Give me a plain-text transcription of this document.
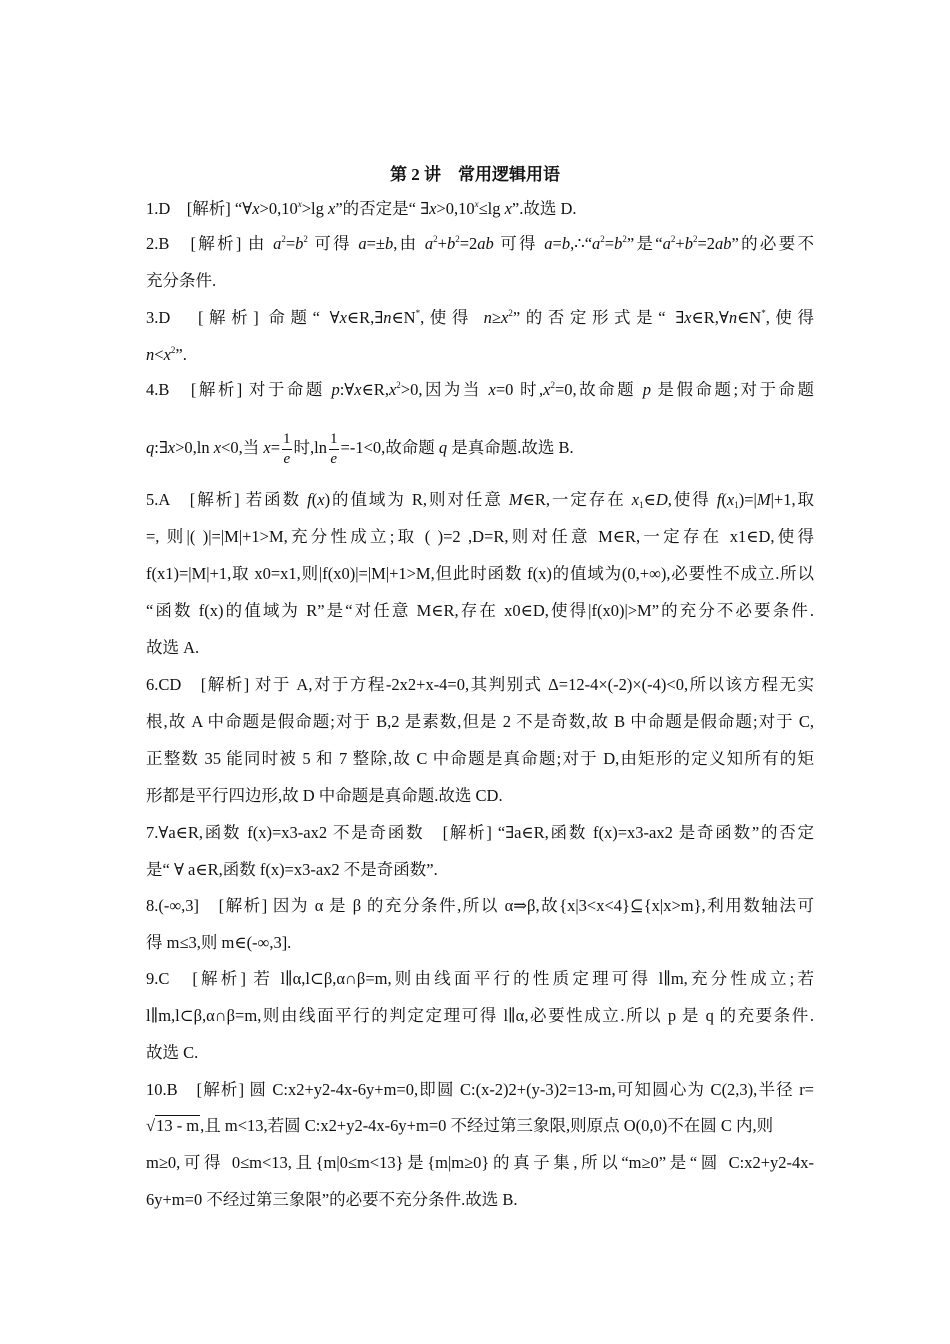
第 2 讲　常用逻辑用语
1.D　 [解析] “$\forall x>0,10^x>\lg$ x”的否定是“ $\exists x>0,10^x\le\lg$ x”.故选 D.
2.B　 [解析] 由 $a^2=b^2$ 可得 a=±b,由 $a^2+b^2=2ab$ 可得 $a=b,\therefore“a^2=b^2$”是“$a^2+b^2=2ab$”的必要不
充分条件.
3.D　 [解析] 命题“ ∀x∈R,∃n∈N*,使得 $n\ge x^2$”的否定形式是“ ∃x∈R,∀n∈N*,使得
$n<x^2$”.
4.B　 [解析] 对于命题 $p:\forall x\in R,x^2>0$,因为当 x=0 时$,x^2=0$,故命题 p 是假命题;对于命题
q:∃x>0,ln x<0,当 $x= \frac{1}{e}$ 时$,\ln \frac{1}{e} =-1<0$,故命题 q 是真命题.故选 B.
5.A　 [解析] 若函数 f(x)的值域为 R,则对任意 M∈R,一定存在 $x_1\in D$,使得 $f(x_1)=|M|+1$,取
=, 则|( )|=|M|+1>M,充分性成立;取 ( )=2 ,D=R,则对任意 M∈R,一定存在 x1∈D,使得
f(x1)=|M|+1,取 x0=x1,则|f(x0)|=|M|+1>M,但此时函数 f(x)的值域为(0,+∞),必要性不成立.所以
“函数 f(x)的值域为 R”是“对任意 M∈R,存在 x0∈D,使得|f(x0)|>M”的充分不必要条件.
故选 A.
6.CD　[解析] 对于 A,对于方程-2x2+x-4=0,其判别式 Δ=12-4×(-2)×(-4)<0,所以该方程无实
根,故 A 中命题是假命题;对于 B,2 是素数,但是 2 不是奇数,故 B 中命题是假命题;对于 C,
正整数 35 能同时被 5 和 7 整除,故 C 中命题是真命题;对于 D,由矩形的定义知所有的矩
形都是平行四边形,故 D 中命题是真命题.故选 CD.
7.∀a∈R,函数 f(x)=x3-ax2 不是奇函数　[解析] “∃a∈R,函数 f(x)=x3-ax2 是奇函数”的否定
是“ ∀ a∈R,函数 f(x)=x3-ax2 不是奇函数”.
8.(-∞,3]　[解析] 因为 α 是 β 的充分条件,所以 α⇒β,故{x|3<x<4}⊆{x|x>m},利用数轴法可
得 m≤3,则 m∈(-∞,3].
9.C　[解析] 若 l∥α,l⊂β,α∩β=m,则由线面平行的性质定理可得 l∥m,充分性成立;若
l∥m,l⊂β,α∩β=m,则由线面平行的判定定理可得 l∥α,必要性成立.所以 p 是 q 的充要条件.
故选 C.
10.B　[解析] 圆 C:x2+y2-4x-6y+m=0,即圆 C:(x-2)2+(y-3)2=13-m,可知圆心为 C(2,3),半径 r=
√13 - m,且 m<13,若圆 C:x2+y2-4x-6y+m=0 不经过第三象限,则原点 O(0,0)不在圆 C 内,则
m≥0,可得 0≤m<13,且{m|0≤m<13}是{m|m≥0}的真子集,所以“m≥0”是“圆 C:x2+y2-4x-
6y+m=0 不经过第三象限”的必要不充分条件.故选 B.
